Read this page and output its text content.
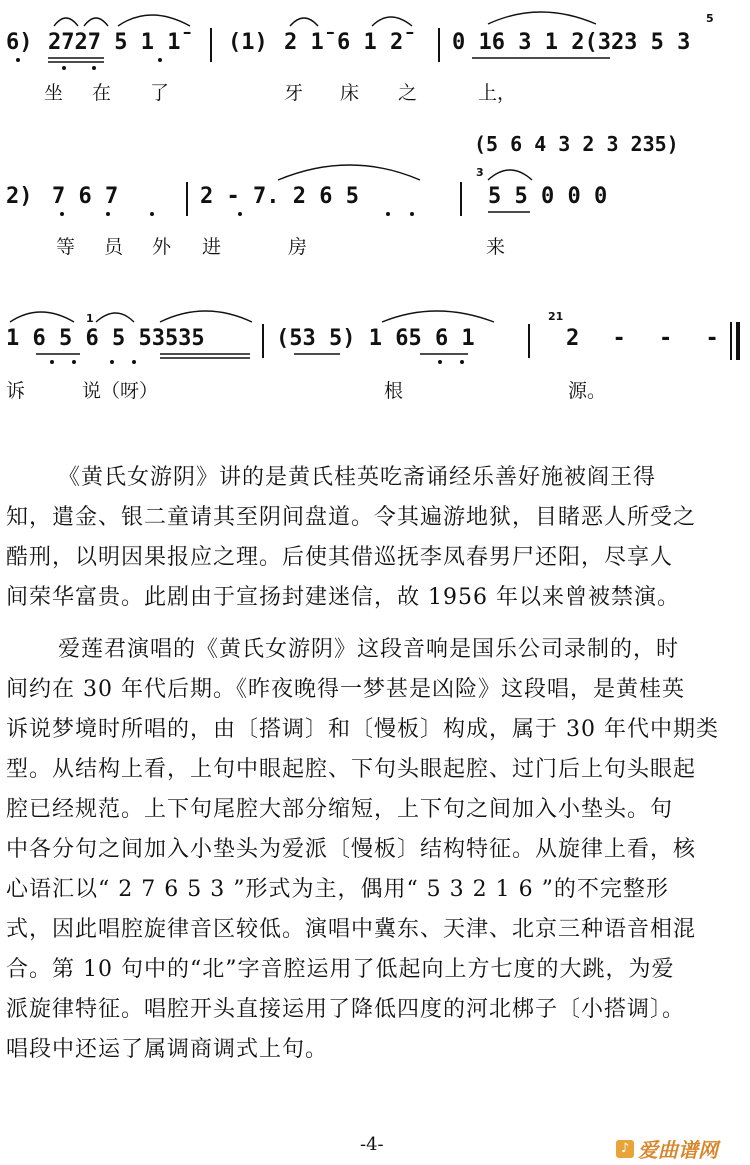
6) 2727 5 1 1̄ (1) 2 1̄ 6 1 2̄ 0 16 3 1 2(323 5 3
5
坐 在 了	牙 床 之	上，
(5 6 4 3 2 3 235)
2) 7 6 7	2 - 7. 2 6 5
3
5 5 0 0 0
等 员 外 进	房	来
1
1 6 5 6 5 53535	(53 5) 1 65 6 1
21
2 - - -
诉	说（呀）	根	源。
《黄氏女游阴》讲的是黄氏桂英吃斋诵经乐善好施被阎王得
知，遣金、银二童请其至阴间盘道。令其遍游地狱，目睹恶人所受之
酷刑，以明因果报应之理。后使其借巡抚李凤春男尸还阳，尽享人
间荣华富贵。此剧由于宣扬封建迷信，故 1956 年以来曾被禁演。
爱莲君演唱的《黄氏女游阴》这段音响是国乐公司录制的，时
间约在 30 年代后期。《昨夜晚得一梦甚是凶险》这段唱，是黄桂英
诉说梦境时所唱的，由〔搭调〕和〔慢板〕构成，属于 30 年代中期类
型。从结构上看，上句中眼起腔、下句头眼起腔、过门后上句头眼起
腔已经规范。上下句尾腔大部分缩短，上下句之间加入小垫头。句
中各分句之间加入小垫头为爱派〔慢板〕结构特征。从旋律上看，核
心语汇以“ 2 7 6 5 3 ”形式为主，偶用“ 5 3 2 1 6 ”的不完整形
式，因此唱腔旋律音区较低。演唱中冀东、天津、北京三种语音相混
合。第 10 句中的“北”字音腔运用了低起向上方七度的大跳，为爱
派旋律特征。唱腔开头直接运用了降低四度的河北梆子〔小搭调〕。
唱段中还运了属调商调式上句。
-4-	♪ 爱曲谱网
